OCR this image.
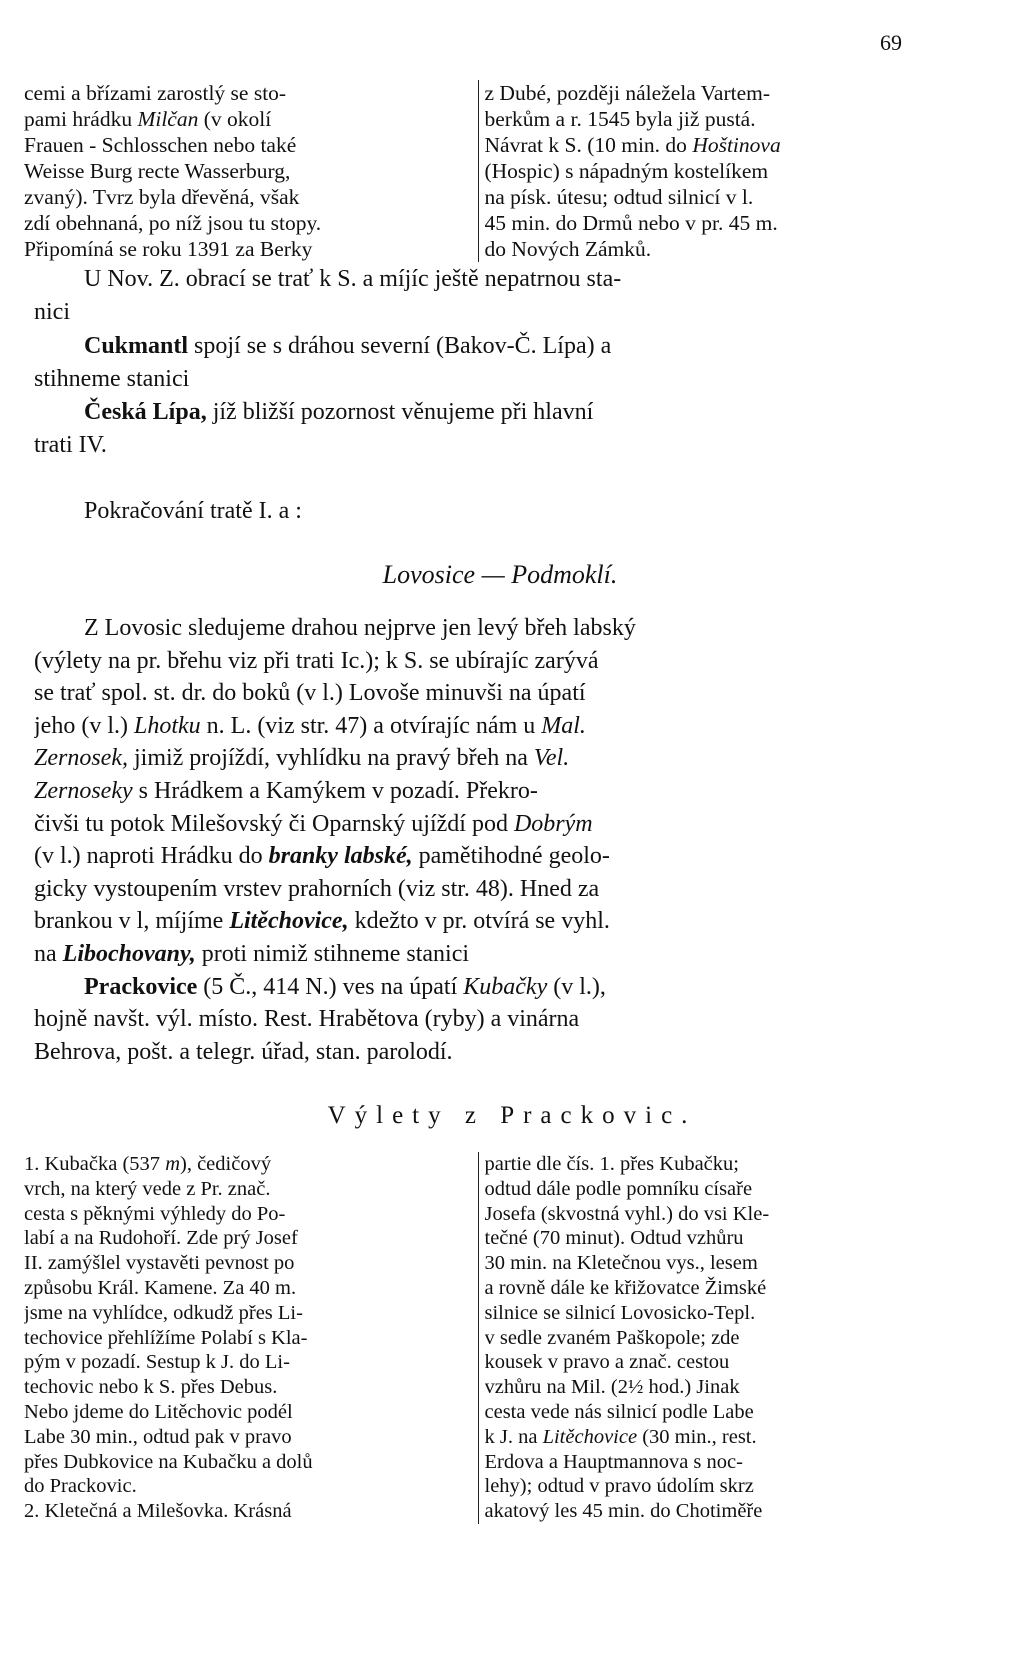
69
cemi a břízami zarostlý se sto-
pami hrádku Milčan (v okolí
Frauen - Schlosschen nebo také
Weisse Burg recte Wasserburg,
zvaný). Tvrz byla dřevěná, však
zdí obehnaná, po níž jsou tu stopy.
Připomíná se roku 1391 za Berky
z Dubé, později náležela Vartem-
berkům a r. 1545 byla již pustá.
Návrat k S. (10 min. do Hoštinova
(Hospic) s nápadným kostelíkem
na písk. útesu; odtud silnicí v l.
45 min. do Drmů nebo v pr. 45 m.
do Nových Zámků.
U Nov. Z. obrací se trať k S. a míjíc ještě nepatrnou sta-
nici
Cukmantl spojí se s dráhou severní (Bakov-Č. Lípa) a
stihneme stanici
Česká Lípa, jíž bližší pozornost věnujeme při hlavní
trati IV.
Pokračování tratě I. a :
Lovosice — Podmoklí.
Z Lovosic sledujeme drahou nejprve jen levý břeh labský
(výlety na pr. břehu viz při trati Ic.); k S. se ubírajíc zarývá
se trať spol. st. dr. do boků (v l.) Lovoše minuvši na úpatí
jeho (v l.) Lhotku n. L. (viz str. 47) a otvírajíc nám u Mal.
Zernosek, jimiž projíždí, vyhlídku na pravý břeh na Vel.
Zernoseky s Hrádkem a Kamýkem v pozadí. Překro-
čivši tu potok Milešovský či Oparnský ujíždí pod Dobrým
(v l.) naproti Hrádku do branky labské, pamětihodné geolo-
gicky vystoupením vrstev prahorních (viz str. 48). Hned za
brankou v l, míjíme Litěchovice, kdežto v pr. otvírá se vyhl.
na Libochovany, proti nimiž stihneme stanici
Prackovice (5 Č., 414 N.) ves na úpatí Kubačky (v l.),
hojně navšt. výl. místo. Rest. Hrabětova (ryby) a vinárna
Behrova, pošt. a telegr. úřad, stan. parolodí.
Výlety z Prackovic.
1. Kubačka (537 m), čedičový
vrch, na který vede z Pr. znač.
cesta s pěknými výhledy do Po-
labí a na Rudohoří. Zde prý Josef
II. zamýšlel vystavěti pevnost po
způsobu Král. Kamene. Za 40 m.
jsme na vyhlídce, odkudž přes Li-
techovice přehlížíme Polabí s Kla-
pým v pozadí. Sestup k J. do Li-
techovic nebo k S. přes Debus.
Nebo jdeme do Litěchovic podél
Labe 30 min., odtud pak v pravo
přes Dubkovice na Kubačku a dolů
do Prackovic.
2. Kletečná a Milešovka. Krásná
partie dle čís. 1. přes Kubačku;
odtud dále podle pomníku císaře
Josefa (skvostná vyhl.) do vsi Kle-
tečné (70 minut). Odtud vzhůru
30 min. na Kletečnou vys., lesem
a rovně dále ke křižovatce Žimské
silnice se silnicí Lovosicko-Tepl.
v sedle zvaném Paškopole; zde
kousek v pravo a znač. cestou
vzhůru na Mil. (2½ hod.) Jinak
cesta vede nás silnicí podle Labe
k J. na Litěchovice (30 min., rest.
Erdova a Hauptmannova s noc-
lehy); odtud v pravo údolím skrz
akatový les 45 min. do Chotiměře
